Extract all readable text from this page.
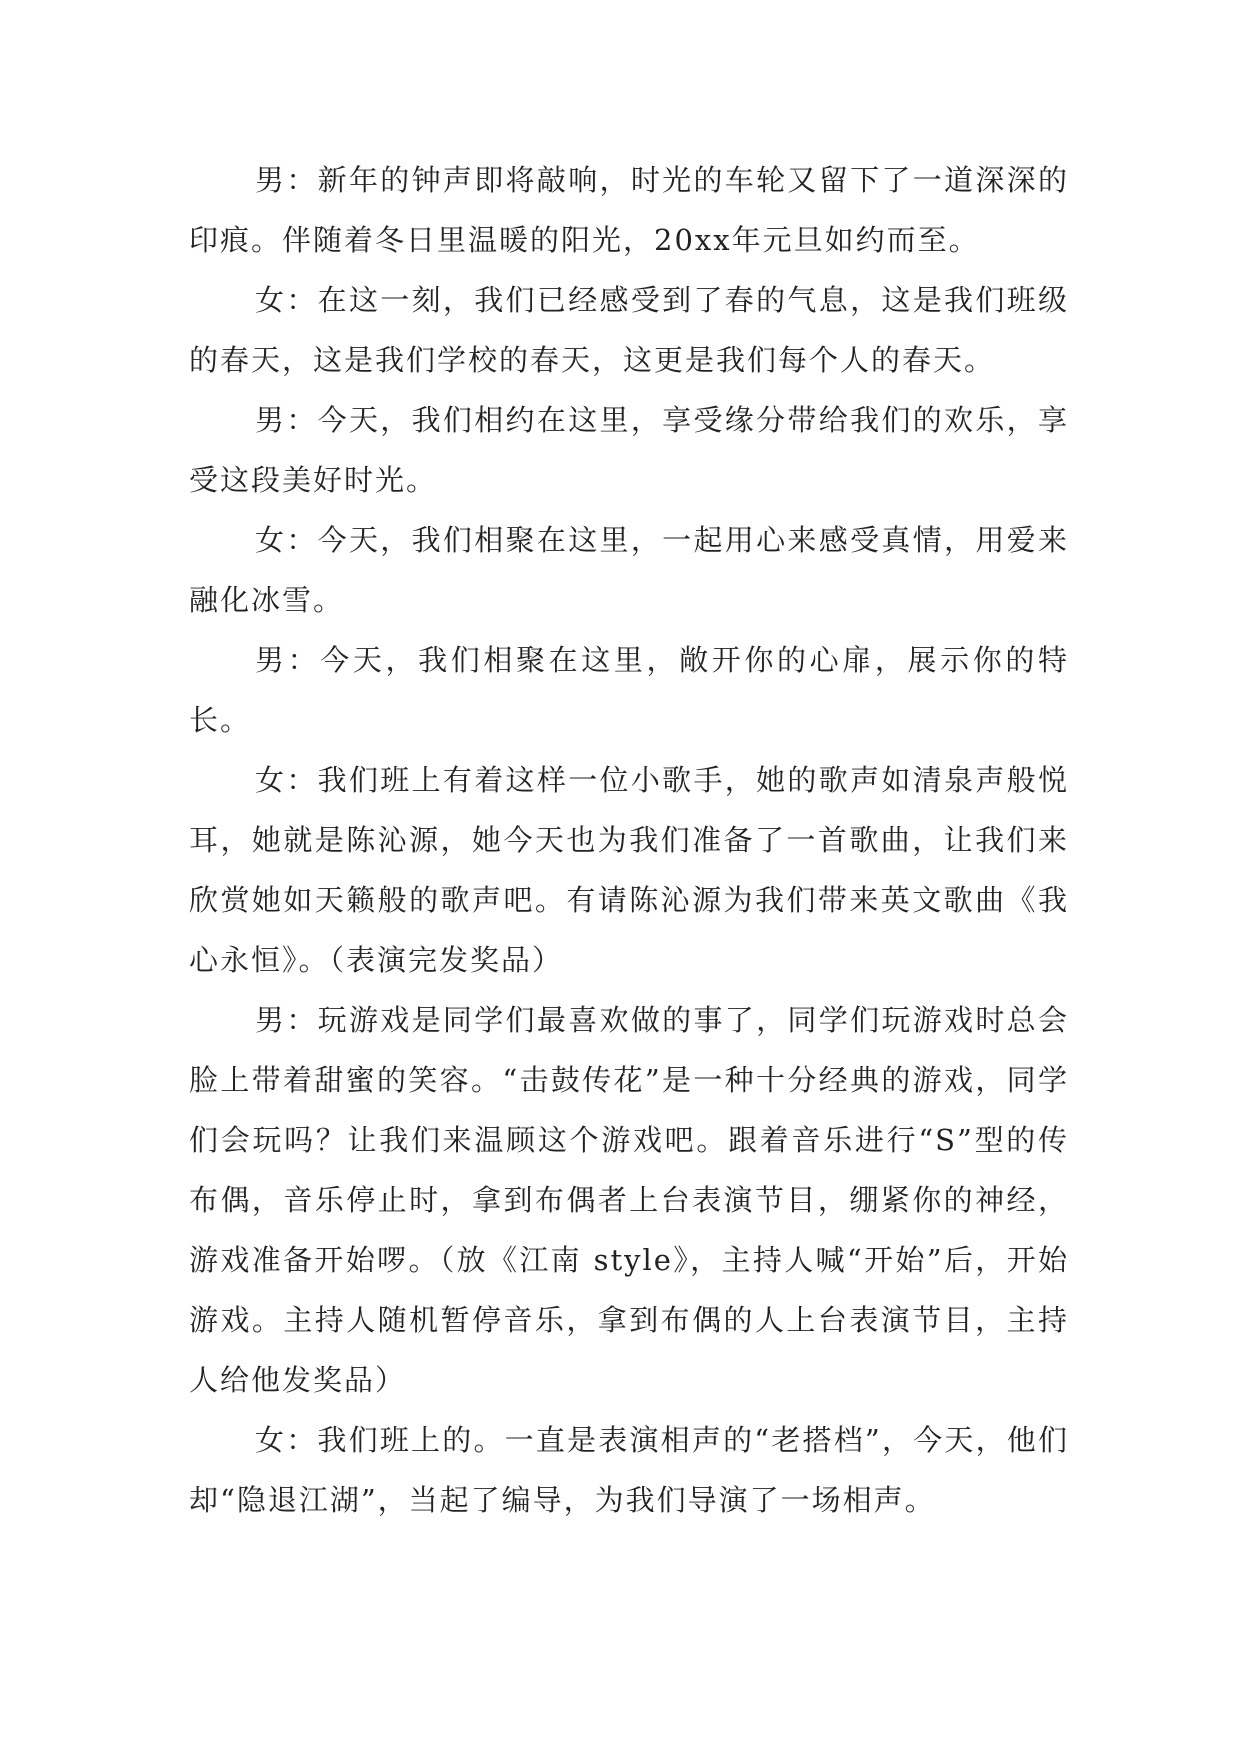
男：新年的钟声即将敲响，时光的车轮又留下了一道深深的印痕。伴随着冬日里温暖的阳光，20xx年元旦如约而至。

女：在这一刻，我们已经感受到了春的气息，这是我们班级的春天，这是我们学校的春天，这更是我们每个人的春天。

男：今天，我们相约在这里，享受缘分带给我们的欢乐，享受这段美好时光。

女：今天，我们相聚在这里，一起用心来感受真情，用爱来融化冰雪。

男：今天，我们相聚在这里，敞开你的心扉，展示你的特长。

女：我们班上有着这样一位小歌手，她的歌声如清泉声般悦耳，她就是陈沁源，她今天也为我们准备了一首歌曲，让我们来欣赏她如天籁般的歌声吧。有请陈沁源为我们带来英文歌曲《我心永恒》。（表演完发奖品）

男：玩游戏是同学们最喜欢做的事了，同学们玩游戏时总会脸上带着甜蜜的笑容。“击鼓传花”是一种十分经典的游戏，同学们会玩吗？让我们来温顾这个游戏吧。跟着音乐进行“S”型的传布偶，音乐停止时，拿到布偶者上台表演节目，绷紧你的神经，游戏准备开始啰。（放《江南 style》，主持人喊“开始”后，开始游戏。主持人随机暂停音乐，拿到布偶的人上台表演节目，主持人给他发奖品）

女：我们班上的。一直是表演相声的“老搭档”，今天，他们却“隐退江湖”，当起了编导，为我们导演了一场相声。
